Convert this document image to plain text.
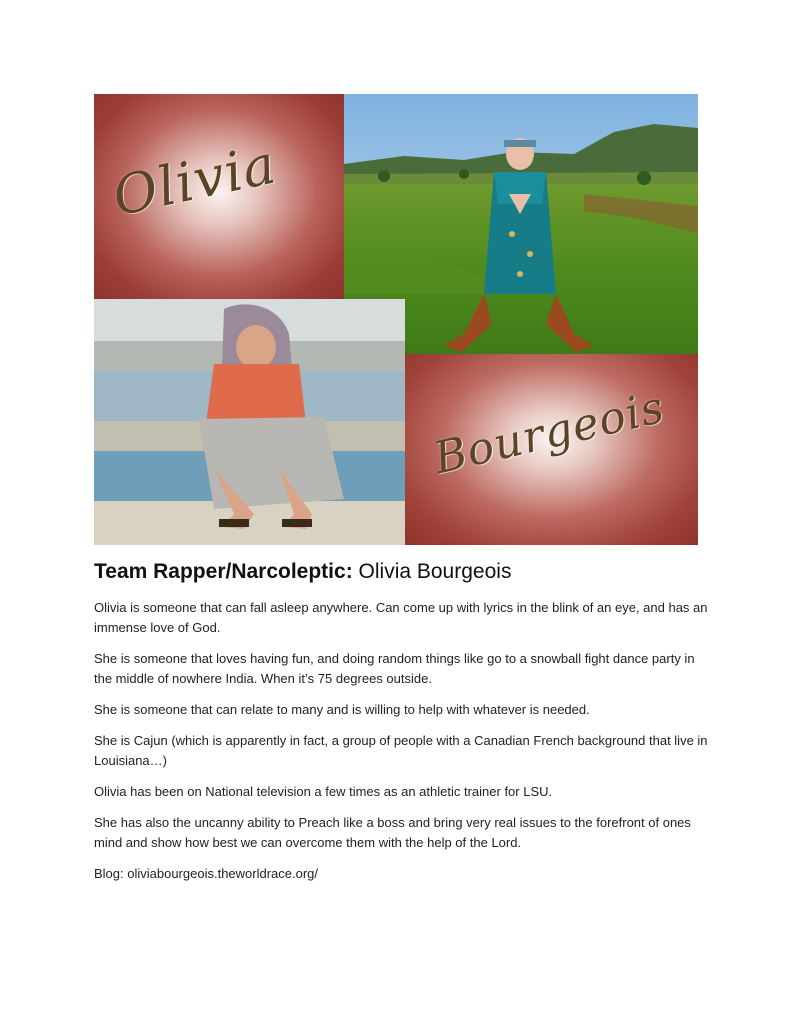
Olivia
Bourgeois
Team Rapper/Narcoleptic: Olivia Bourgeois

Olivia is someone that can fall asleep anywhere. Can come up with lyrics in the blink of an eye, and has an immense love of God.

She is someone that loves having fun, and doing random things like go to a snowball fight dance party in the middle of nowhere India. When it’s 75 degrees outside.

She is someone that can relate to many and is willing to help with whatever is needed.

She is Cajun (which is apparently in fact, a group of people with a Canadian French background that live in Louisiana…)

Olivia has been on National television a few times as an athletic trainer for LSU.

She has also the uncanny ability to Preach like a boss and bring very real issues to the forefront of ones mind and show how best we can overcome them with the help of the Lord.

Blog: oliviabourgeois.theworldrace.org/
